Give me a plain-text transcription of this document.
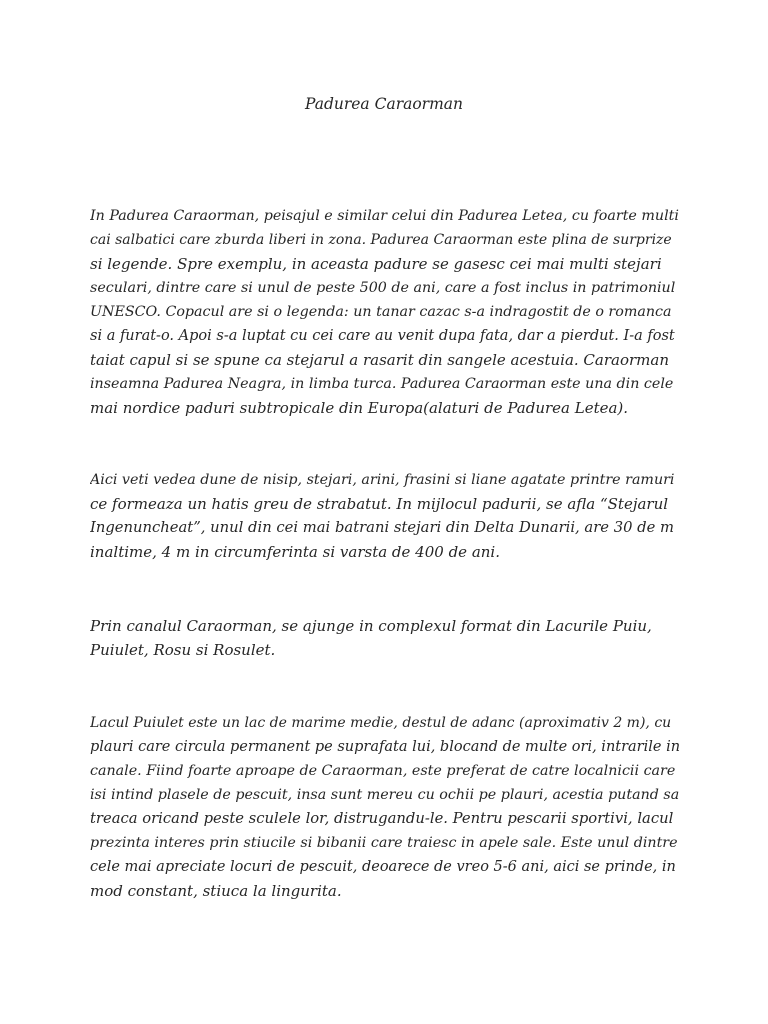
Padurea Caraorman
In Padurea Caraorman, peisajul e similar celui din Padurea Letea, cu foarte multi
cai salbatici care zburda liberi in zona. Padurea Caraorman este plina de surprize
si legende. Spre exemplu, in aceasta padure se gasesc cei mai multi stejari
seculari, dintre care si unul de peste 500 de ani, care a fost inclus in patrimoniul
UNESCO. Copacul are si o legenda: un tanar cazac s-a indragostit de o romanca
si a furat-o. Apoi s-a luptat cu cei care au venit dupa fata, dar a pierdut. I-a fost
taiat capul si se spune ca stejarul a rasarit din sangele acestuia. Caraorman
inseamna Padurea Neagra, in limba turca. Padurea Caraorman este una din cele
mai nordice paduri subtropicale din Europa(alaturi de Padurea Letea).
Aici veti vedea dune de nisip, stejari, arini, frasini si liane agatate printre ramuri
ce formeaza un hatis greu de strabatut. In mijlocul padurii, se afla “Stejarul
Ingenuncheat”, unul din cei mai batrani stejari din Delta Dunarii, are 30 de m
inaltime, 4 m in circumferinta si varsta de 400 de ani.
Prin canalul Caraorman, se ajunge in complexul format din Lacurile Puiu,
Puiulet, Rosu si Rosulet.
Lacul Puiulet este un lac de marime medie, destul de adanc (aproximativ 2 m), cu
plauri care circula permanent pe suprafata lui, blocand de multe ori, intrarile in
canale. Fiind foarte aproape de Caraorman, este preferat de catre localnicii care
isi intind plasele de pescuit, insa sunt mereu cu ochii pe plauri, acestia putand sa
treaca oricand peste sculele lor, distrugandu-le. Pentru pescarii sportivi, lacul
prezinta interes prin stiucile si bibanii care traiesc in apele sale. Este unul dintre
cele mai apreciate locuri de pescuit, deoarece de vreo 5-6 ani, aici se prinde, in
mod constant, stiuca la lingurita.
